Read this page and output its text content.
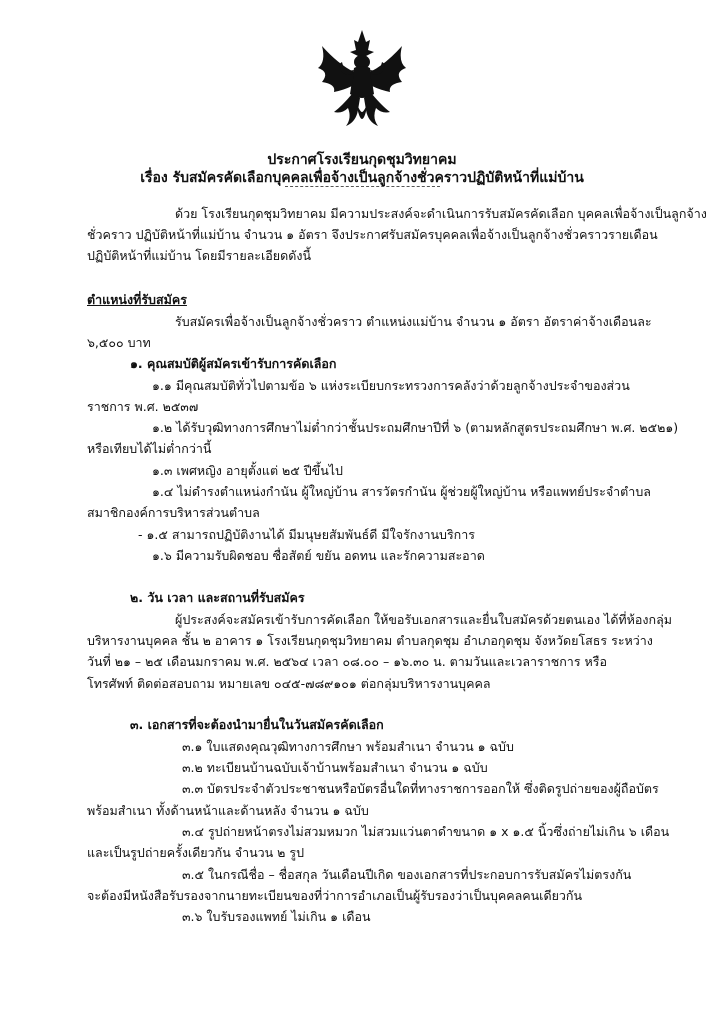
ประกาศโรงเรียนกุดชุมวิทยาคม
เรื่อง รับสมัครคัดเลือกบุคคลเพื่อจ้างเป็นลูกจ้างชั่วคราวปฏิบัติหน้าที่แม่บ้าน
ด้วย โรงเรียนกุดชุมวิทยาคม มีความประสงค์จะดำเนินการรับสมัครคัดเลือก บุคคลเพื่อจ้างเป็นลูกจ้าง
ชั่วคราว ปฏิบัติหน้าที่แม่บ้าน จำนวน ๑ อัตรา จึงประกาศรับสมัครบุคคลเพื่อจ้างเป็นลูกจ้างชั่วคราวรายเดือน
ปฏิบัติหน้าที่แม่บ้าน โดยมีรายละเอียดดังนี้
ตำแหน่งที่รับสมัคร
รับสมัครเพื่อจ้างเป็นลูกจ้างชั่วคราว ตำแหน่งแม่บ้าน จำนวน ๑ อัตรา อัตราค่าจ้างเดือนละ
๖,๕๐๐ บาท
๑. คุณสมบัติผู้สมัครเข้ารับการคัดเลือก
๑.๑ มีคุณสมบัติทั่วไปตามข้อ ๖ แห่งระเบียบกระทรวงการคลังว่าด้วยลูกจ้างประจำของส่วน
ราชการ พ.ศ. ๒๕๓๗
๑.๒ ได้รับวุฒิทางการศึกษาไม่ต่ำกว่าชั้นประถมศึกษาปีที่ ๖ (ตามหลักสูตรประถมศึกษา พ.ศ. ๒๕๒๑)
หรือเทียบได้ไม่ต่ำกว่านี้
๑.๓ เพศหญิง อายุตั้งแต่ ๒๕ ปีขึ้นไป
๑.๔ ไม่ดำรงตำแหน่งกำนัน ผู้ใหญ่บ้าน สารวัตรกำนัน ผู้ช่วยผู้ใหญ่บ้าน หรือแพทย์ประจำตำบล
สมาชิกองค์การบริหารส่วนตำบล
- ๑.๕ สามารถปฏิบัติงานได้ มีมนุษยสัมพันธ์ดี มีใจรักงานบริการ
๑.๖ มีความรับผิดชอบ ซื่อสัตย์ ขยัน อดทน และรักความสะอาด
๒. วัน เวลา และสถานที่รับสมัคร
ผู้ประสงค์จะสมัครเข้ารับการคัดเลือก ให้ขอรับเอกสารและยื่นใบสมัครด้วยตนเอง ได้ที่ห้องกลุ่ม
บริหารงานบุคคล ชั้น ๒ อาคาร ๑ โรงเรียนกุดชุมวิทยาคม ตำบลกุดชุม อำเภอกุดชุม จังหวัดยโสธร ระหว่าง
วันที่ ๒๑ – ๒๕ เดือนมกราคม พ.ศ. ๒๕๖๔ เวลา ๐๘.๐๐ – ๑๖.๓๐ น. ตามวันและเวลาราชการ หรือ
โทรศัพท์ ติดต่อสอบถาม หมายเลข ๐๔๕-๗๘๙๑๐๑ ต่อกลุ่มบริหารงานบุคคล
๓. เอกสารที่จะต้องนำมายื่นในวันสมัครคัดเลือก
๓.๑ ใบแสดงคุณวุฒิทางการศึกษา พร้อมสำเนา จำนวน ๑ ฉบับ
๓.๒ ทะเบียนบ้านฉบับเจ้าบ้านพร้อมสำเนา จำนวน ๑ ฉบับ
๓.๓ บัตรประจำตัวประชาชนหรือบัตรอื่นใดที่ทางราชการออกให้ ซึ่งติดรูปถ่ายของผู้ถือบัตร
พร้อมสำเนา ทั้งด้านหน้าและด้านหลัง จำนวน ๑ ฉบับ
๓.๔ รูปถ่ายหน้าตรงไม่สวมหมวก ไม่สวมแว่นตาดำขนาด ๑ x ๑.๕ นิ้วซึ่งถ่ายไม่เกิน ๖ เดือน
และเป็นรูปถ่ายครั้งเดียวกัน จำนวน ๒ รูป
๓.๕ ในกรณีชื่อ – ชื่อสกุล วันเดือนปีเกิด ของเอกสารที่ประกอบการรับสมัครไม่ตรงกัน
จะต้องมีหนังสือรับรองจากนายทะเบียนของที่ว่าการอำเภอเป็นผู้รับรองว่าเป็นบุคคลคนเดียวกัน
๓.๖ ใบรับรองแพทย์ ไม่เกิน ๑ เดือน
